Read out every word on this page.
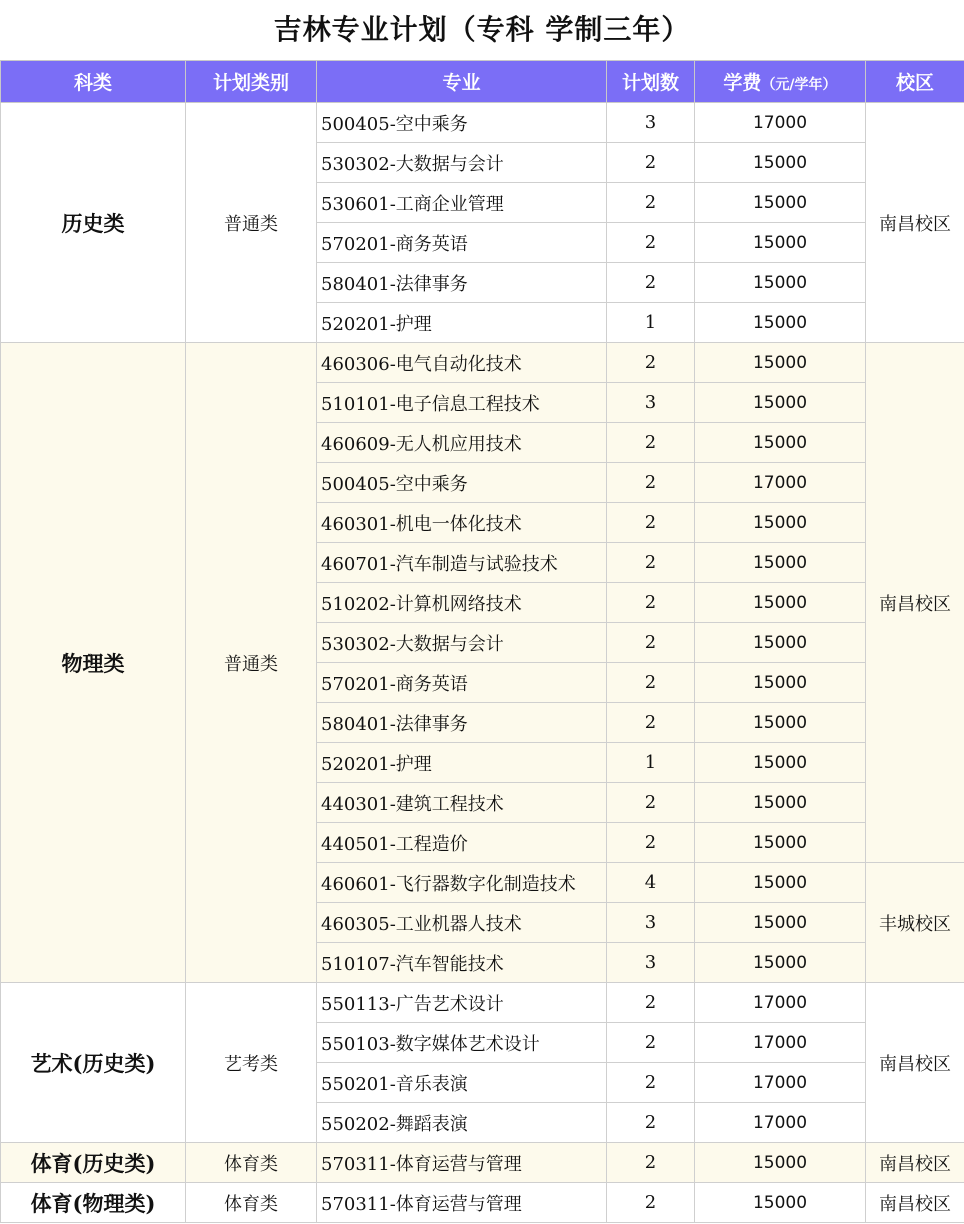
吉林专业计划（专科 学制三年）
科类	计划类别	专业	计划数	学费（元/学年）	校区
历史类	普通类	500405-空中乘务	3	17000	南昌校区
		530302-大数据与会计	2	15000	
		530601-工商企业管理	2	15000	
		570201-商务英语	2	15000	
		580401-法律事务	2	15000	
		520201-护理	1	15000	
物理类	普通类	460306-电气自动化技术	2	15000	南昌校区
		510101-电子信息工程技术	3	15000	
		460609-无人机应用技术	2	15000	
		500405-空中乘务	2	17000	
		460301-机电一体化技术	2	15000	
		460701-汽车制造与试验技术	2	15000	
		510202-计算机网络技术	2	15000	
		530302-大数据与会计	2	15000	
		570201-商务英语	2	15000	
		580401-法律事务	2	15000	
		520201-护理	1	15000	
		440301-建筑工程技术	2	15000	
		440501-工程造价	2	15000	
		460601-飞行器数字化制造技术	4	15000	丰城校区
		460305-工业机器人技术	3	15000	
		510107-汽车智能技术	3	15000	
艺术(历史类)	艺考类	550113-广告艺术设计	2	17000	南昌校区
		550103-数字媒体艺术设计	2	17000	
		550201-音乐表演	2	17000	
		550202-舞蹈表演	2	17000	
体育(历史类)	体育类	570311-体育运营与管理	2	15000	南昌校区
体育(物理类)	体育类	570311-体育运营与管理	2	15000	南昌校区
